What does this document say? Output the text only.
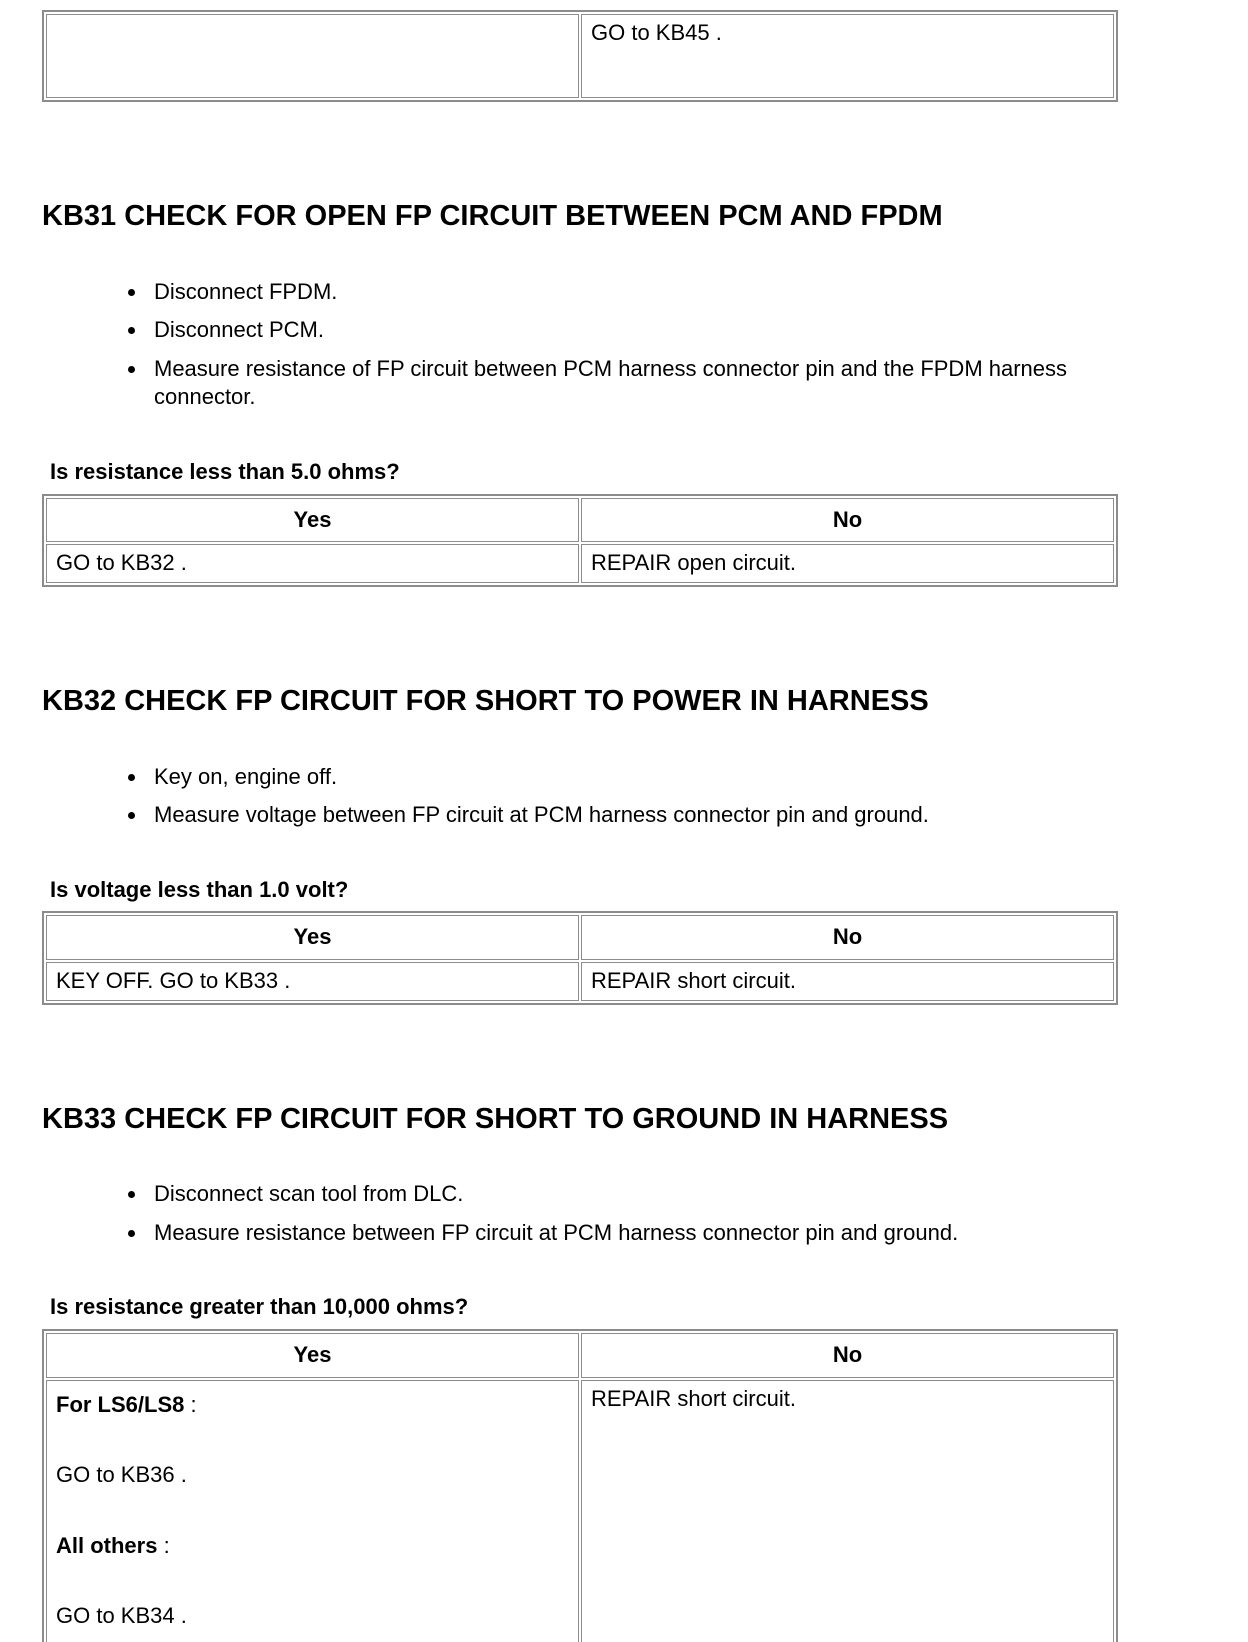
	GO to KB45 .
KB31 CHECK FOR OPEN FP CIRCUIT BETWEEN PCM AND FPDM
• Disconnect FPDM.
• Disconnect PCM.
• Measure resistance of FP circuit between PCM harness connector pin and the FPDM harness connector.

Is resistance less than 5.0 ohms?

Yes	No
GO to KB32 .	REPAIR open circuit.
KB32 CHECK FP CIRCUIT FOR SHORT TO POWER IN HARNESS
• Key on, engine off.
• Measure voltage between FP circuit at PCM harness connector pin and ground.

Is voltage less than 1.0 volt?

Yes	No
KEY OFF. GO to KB33 .	REPAIR short circuit.
KB33 CHECK FP CIRCUIT FOR SHORT TO GROUND IN HARNESS
• Disconnect scan tool from DLC.
• Measure resistance between FP circuit at PCM harness connector pin and ground.

Is resistance greater than 10,000 ohms?

Yes	No

For LS6/LS8 :

GO to KB36 .

All others :

GO to KB34 .	REPAIR short circuit.
